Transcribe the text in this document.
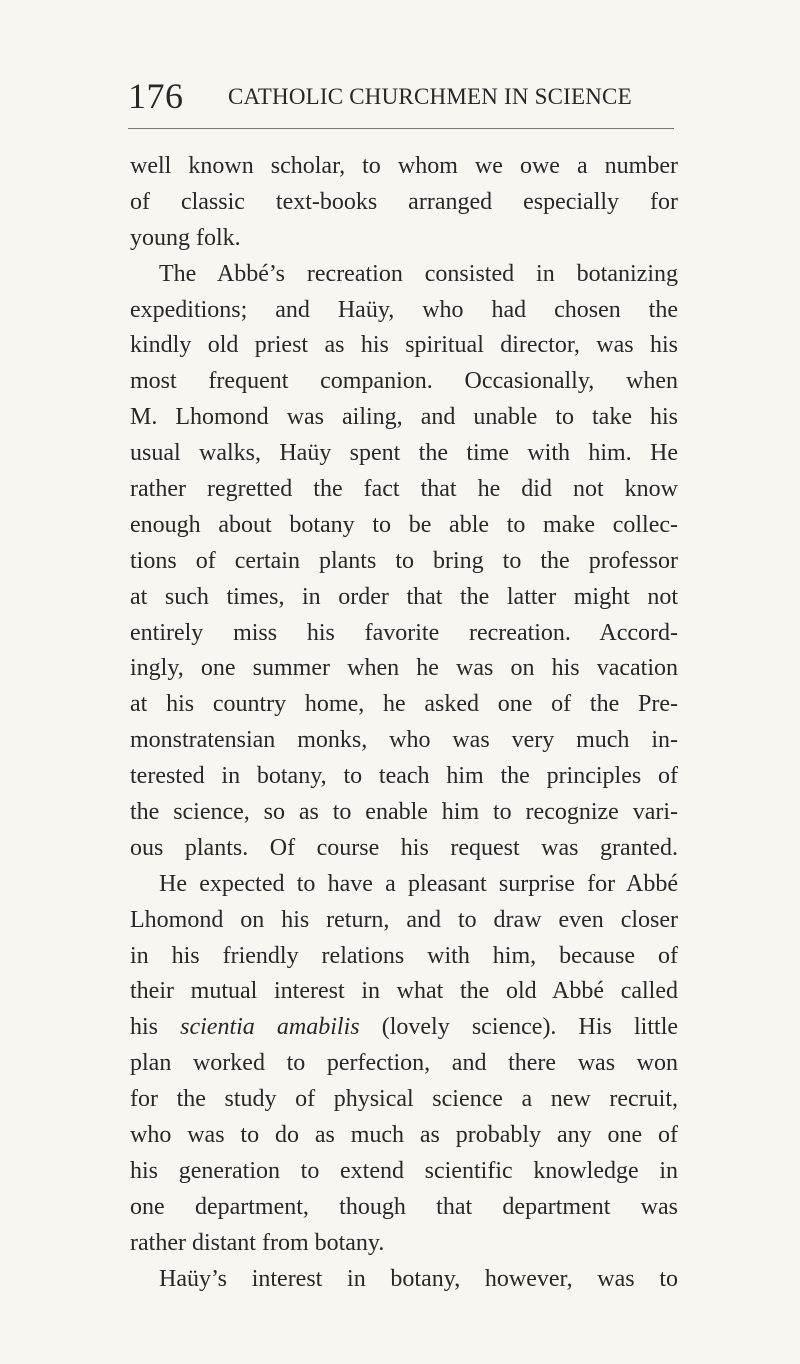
176 CATHOLIC CHURCHMEN IN SCIENCE
well known scholar, to whom we owe a number
of classic text-books arranged especially for
young folk.
The Abbé’s recreation consisted in botanizing
expeditions; and Haüy, who had chosen the
kindly old priest as his spiritual director, was his
most frequent companion. Occasionally, when
M. Lhomond was ailing, and unable to take his
usual walks, Haüy spent the time with him. He
rather regretted the fact that he did not know
enough about botany to be able to make collec-
tions of certain plants to bring to the professor
at such times, in order that the latter might not
entirely miss his favorite recreation. Accord-
ingly, one summer when he was on his vacation
at his country home, he asked one of the Pre-
monstratensian monks, who was very much in-
terested in botany, to teach him the principles of
the science, so as to enable him to recognize vari-
ous plants. Of course his request was granted.
He expected to have a pleasant surprise for Abbé
Lhomond on his return, and to draw even closer
in his friendly relations with him, because of
their mutual interest in what the old Abbé called
his scientia amabilis (lovely science). His little
plan worked to perfection, and there was won
for the study of physical science a new recruit,
who was to do as much as probably any one of
his generation to extend scientific knowledge in
one department, though that department was
rather distant from botany.
Haüy’s interest in botany, however, was to
